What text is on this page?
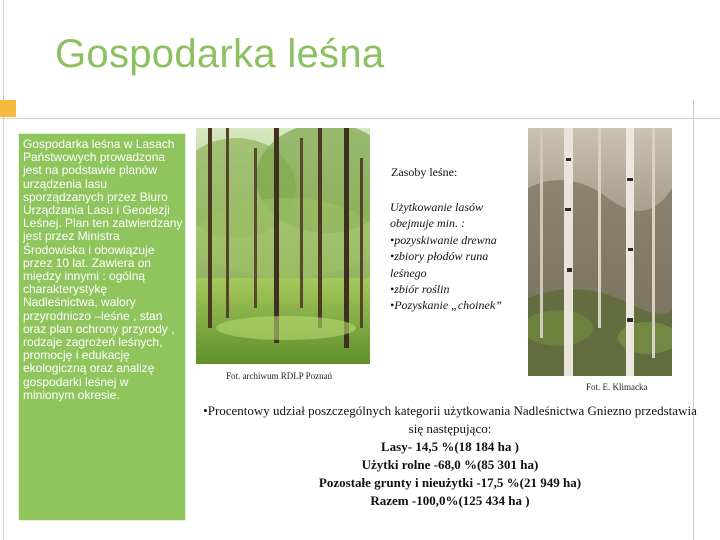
Gospodarka leśna

Gospodarka leśna w Lasach Państwowych prowadzona jest na podstawie planów urządzenia lasu sporządzanych przez Biuro Urządzania Lasu i Geodezji Leśnej. Plan ten zatwierdzany jest przez Ministra Środowiska i obowiązuje przez 10 lat. Zawiera on między innymi : ogólną charakterystykę Nadleśnictwa, walory przyrodniczo –leśne , stan oraz plan ochrony przyrody , rodzaje zagrożeń leśnych, promocję i edukację ekologiczną oraz analizę gospodarki leśnej w minionym okresie.

Fot. archiwum RDLP Poznań
Fot. E. Klimacka
Zasoby leśne:
Użytkowanie lasów obejmuje min. :
•pozyskiwanie drewna
•zbiory płodów runa leśnego
•zbiór roślin
•Pozyskanie „choinek”
•Procentowy udział poszczególnych kategorii użytkowania Nadleśnictwa Gniezno przedstawia się następująco:
Lasy- 14,5 %(18 184 ha )
Użytki rolne -68,0 %(85 301 ha)
Pozostałe grunty i nieużytki -17,5 %(21 949 ha)
Razem -100,0%(125 434 ha )
